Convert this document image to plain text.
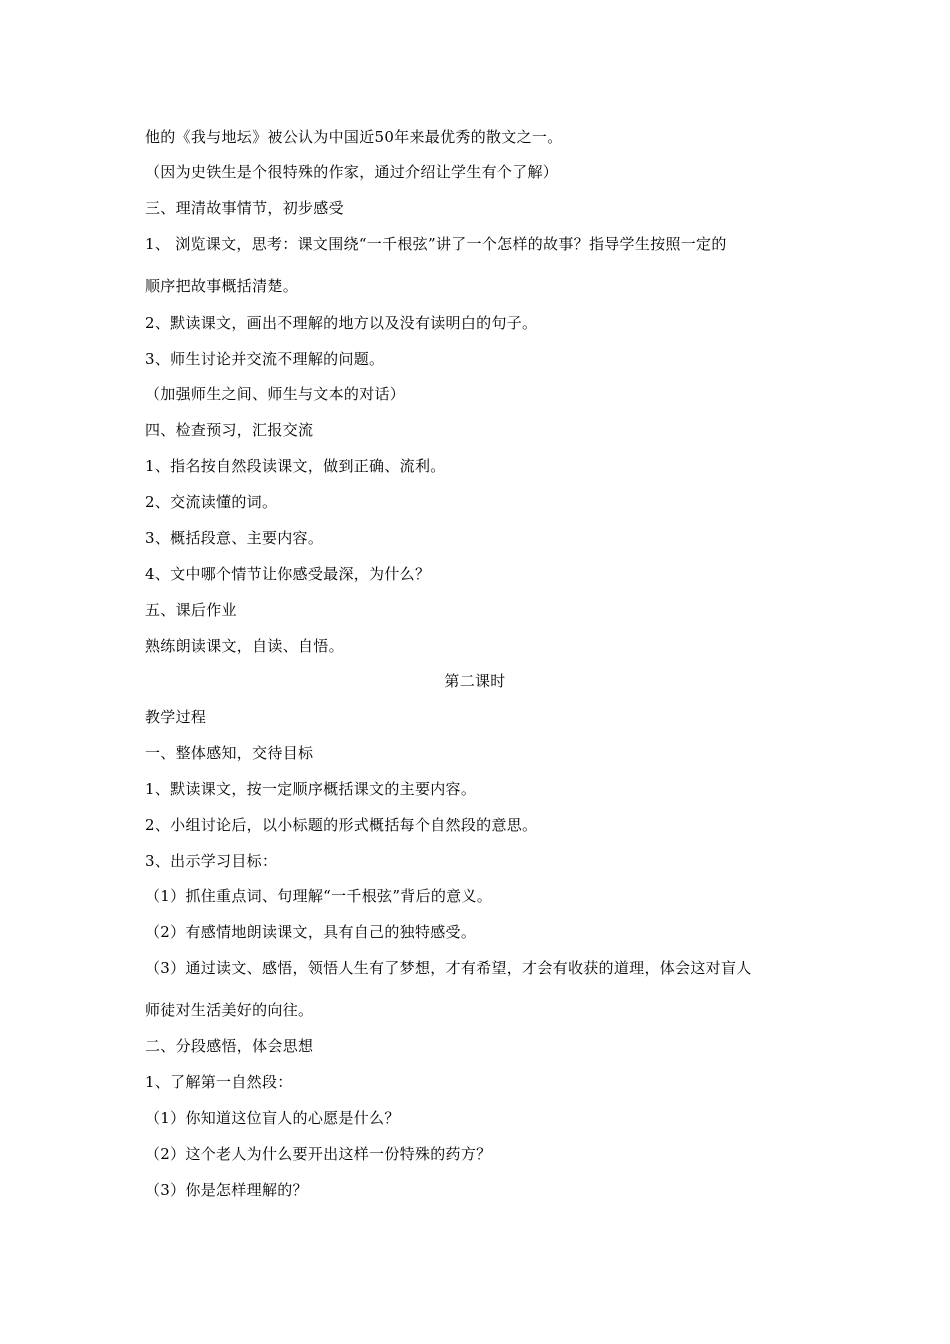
他的《我与地坛》被公认为中国近50年来最优秀的散文之一。
（因为史铁生是个很特殊的作家，通过介绍让学生有个了解）
三、理清故事情节，初步感受
1、 浏览课文，思考：课文围绕“一千根弦”讲了一个怎样的故事？指导学生按照一定的
顺序把故事概括清楚。
2、默读课文，画出不理解的地方以及没有读明白的句子。
3、师生讨论并交流不理解的问题。
（加强师生之间、师生与文本的对话）
四、检查预习，汇报交流
1、指名按自然段读课文，做到正确、流利。
2、交流读懂的词。
3、概括段意、主要内容。
4、文中哪个情节让你感受最深，为什么？
五、课后作业
熟练朗读课文，自读、自悟。
第二课时
教学过程
一、整体感知，交待目标
1、默读课文，按一定顺序概括课文的主要内容。
2、小组讨论后，以小标题的形式概括每个自然段的意思。
3、出示学习目标：
（1）抓住重点词、句理解“一千根弦”背后的意义。
（2）有感情地朗读课文，具有自己的独特感受。
（3）通过读文、感悟，领悟人生有了梦想，才有希望，才会有收获的道理，体会这对盲人
师徒对生活美好的向往。
二、分段感悟，体会思想
1、了解第一自然段：
（1）你知道这位盲人的心愿是什么？
（2）这个老人为什么要开出这样一份特殊的药方？
（3）你是怎样理解的？
